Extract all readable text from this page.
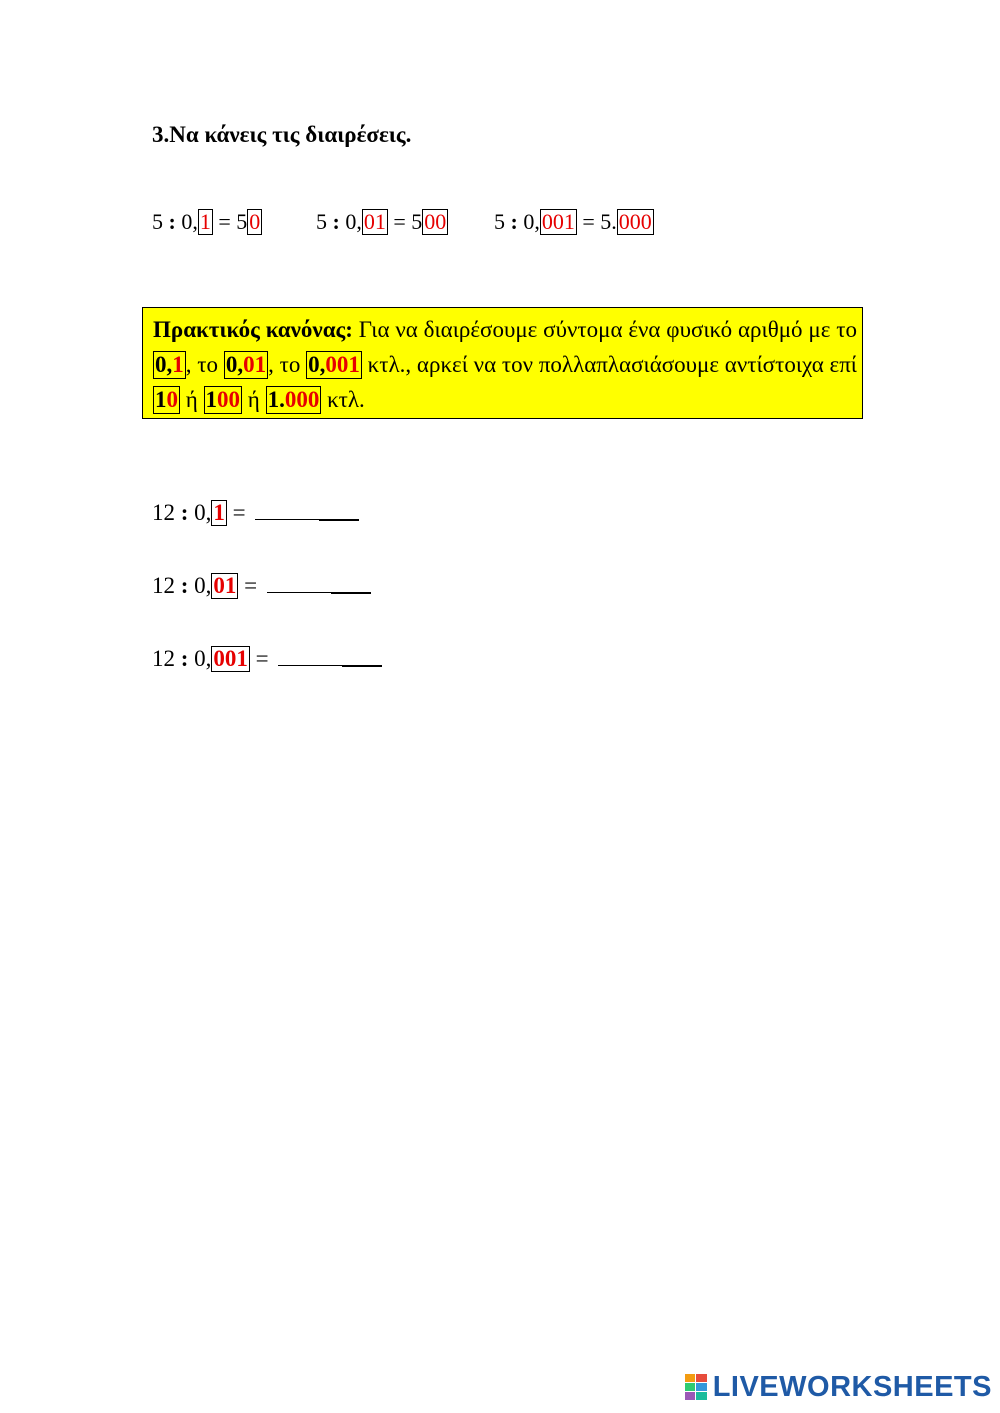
3.Να κάνεις τις διαιρέσεις.
5 : 0,1 = 50	5 : 0,01 = 500 5 : 0,001 = 5.000
Πρακτικός κανόνας: Για να διαιρέσουμε σύντομα ένα φυσικό αριθμό με το 0,1, το 0,01, το 0,001 κτλ., αρκεί να τον πολλαπλασιάσουμε αντίστοιχα επί 10 ή 100 ή 1.000 κτλ.
12 : 0,1 =
12 : 0,01 =
12 : 0,001 =
LIVEWORKSHEETS
